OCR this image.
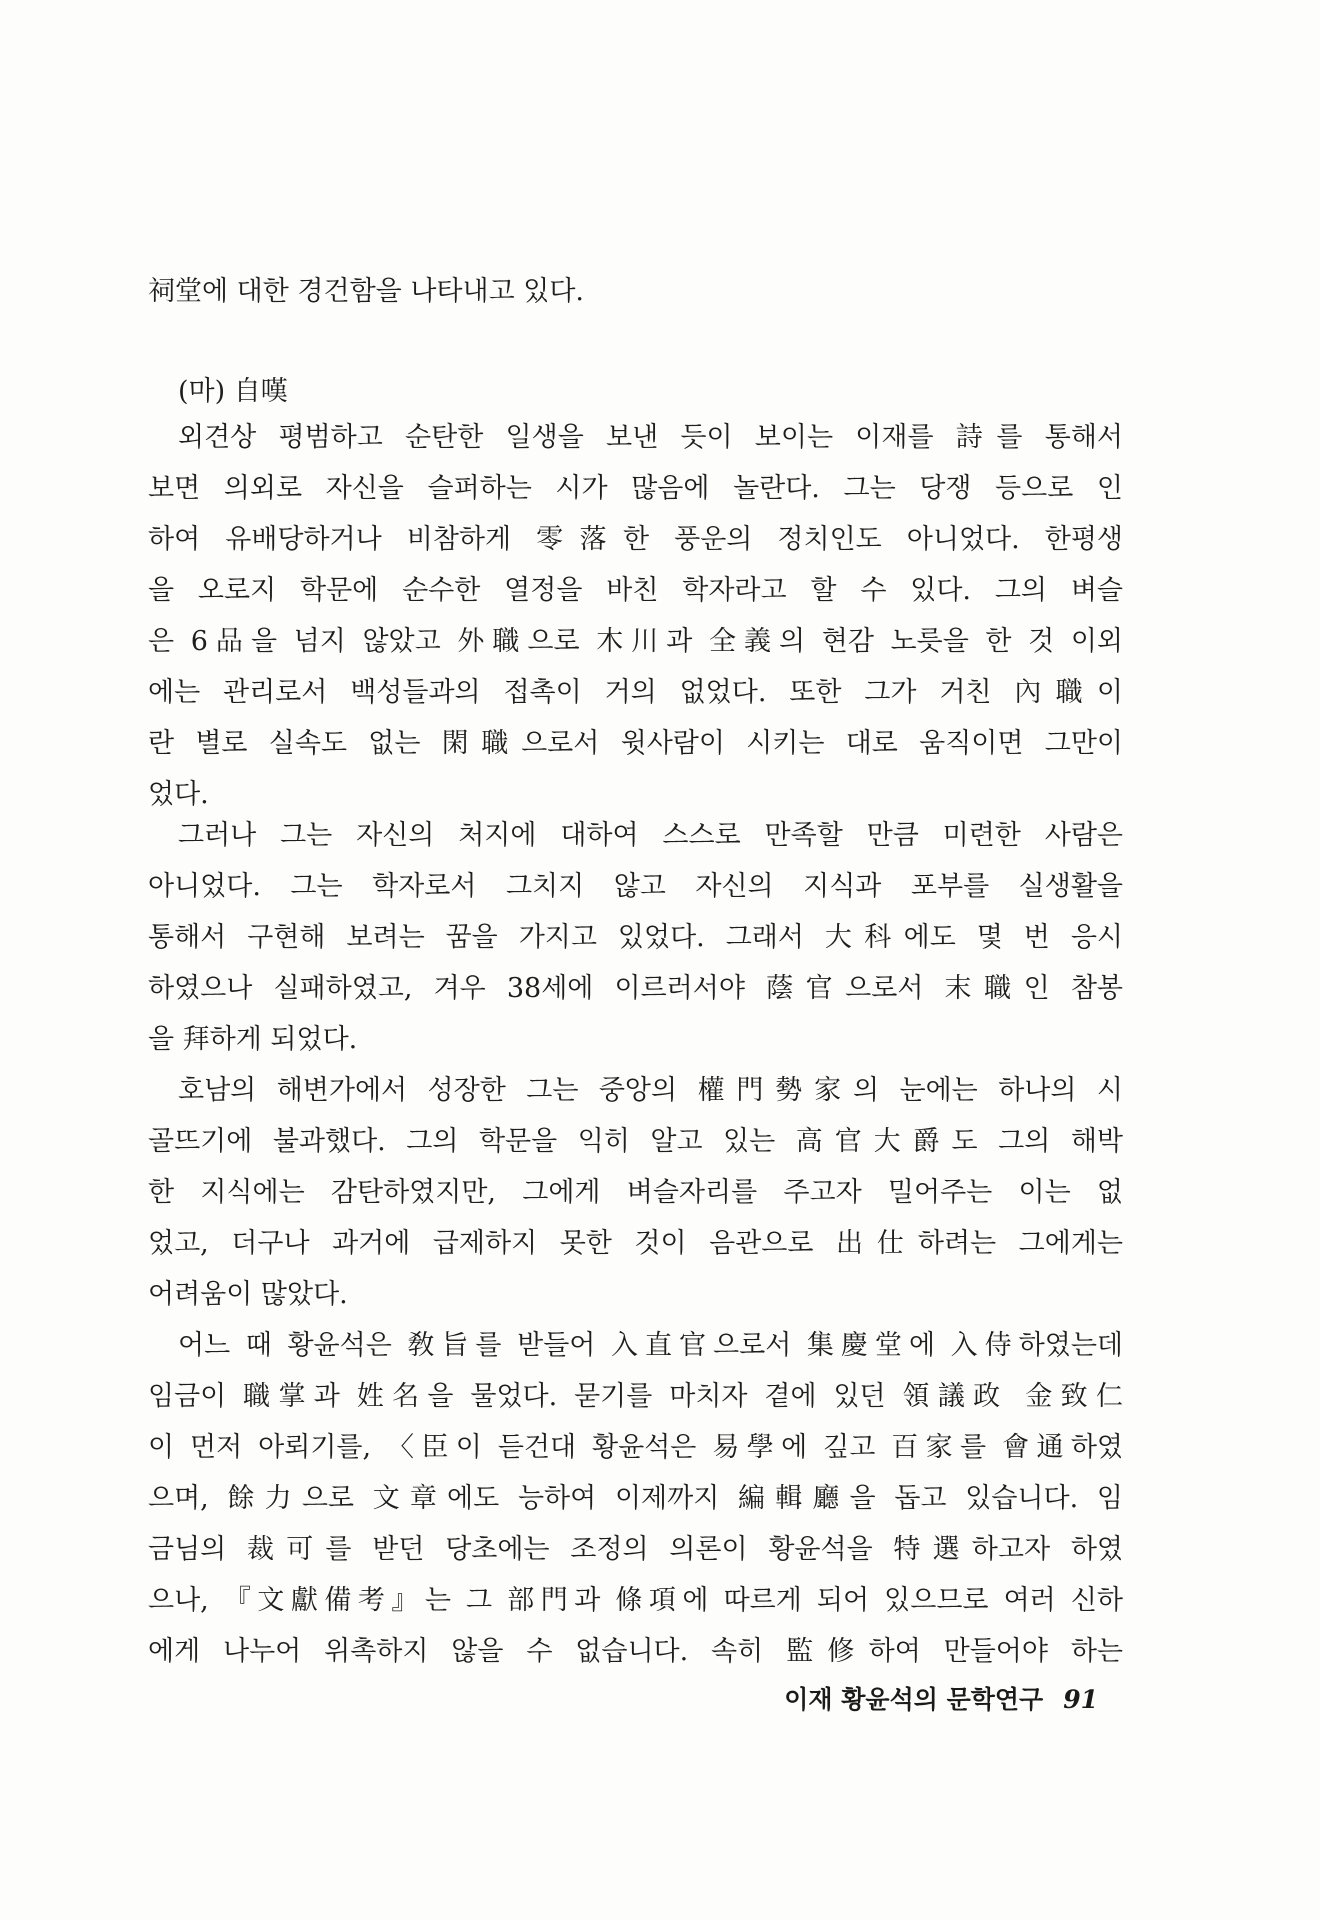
祠堂에 대한 경건함을 나타내고 있다.
(마) 自嘆
외견상 평범하고 순탄한 일생을 보낸 듯이 보이는 이재를 詩를 통해서
보면 의외로 자신을 슬퍼하는 시가 많음에 놀란다. 그는 당쟁 등으로 인
하여 유배당하거나 비참하게 零落한 풍운의 정치인도 아니었다. 한평생
을 오로지 학문에 순수한 열정을 바친 학자라고 할 수 있다. 그의 벼슬
은 6品을 넘지 않았고 外職으로 木川과 全義의 현감 노릇을 한 것 이외
에는 관리로서 백성들과의 접촉이 거의 없었다. 또한 그가 거친 內職이
란 별로 실속도 없는 閑職으로서 윗사람이 시키는 대로 움직이면 그만이
었다.
그러나 그는 자신의 처지에 대하여 스스로 만족할 만큼 미련한 사람은
아니었다. 그는 학자로서 그치지 않고 자신의 지식과 포부를 실생활을
통해서 구현해 보려는 꿈을 가지고 있었다. 그래서 大科에도 몇 번 응시
하였으나 실패하였고, 겨우 38세에 이르러서야 蔭官으로서 末職인 참봉
을 拜하게 되었다.
호남의 해변가에서 성장한 그는 중앙의 權門勢家의 눈에는 하나의 시
골뜨기에 불과했다. 그의 학문을 익히 알고 있는 高官大爵도 그의 해박
한 지식에는 감탄하였지만, 그에게 벼슬자리를 주고자 밀어주는 이는 없
었고, 더구나 과거에 급제하지 못한 것이 음관으로 出仕하려는 그에게는
어려움이 많았다.
어느 때 황윤석은 敎旨를 받들어 入直官으로서 集慶堂에 入侍하였는데
임금이 職掌과 姓名을 물었다. 묻기를 마치자 곁에 있던 領議政 金致仁
이 먼저 아뢰기를, 〈臣이 듣건대 황윤석은 易學에 깊고 百家를 會通하였
으며, 餘力으로 文章에도 능하여 이제까지 編輯廳을 돕고 있습니다. 임
금님의 裁可를 받던 당초에는 조정의 의론이 황윤석을 特選하고자 하였
으나, 『文獻備考』는 그 部門과 條項에 따르게 되어 있으므로 여러 신하
에게 나누어 위촉하지 않을 수 없습니다. 속히 監修하여 만들어야 하는
이재 황윤석의 문학연구 91
